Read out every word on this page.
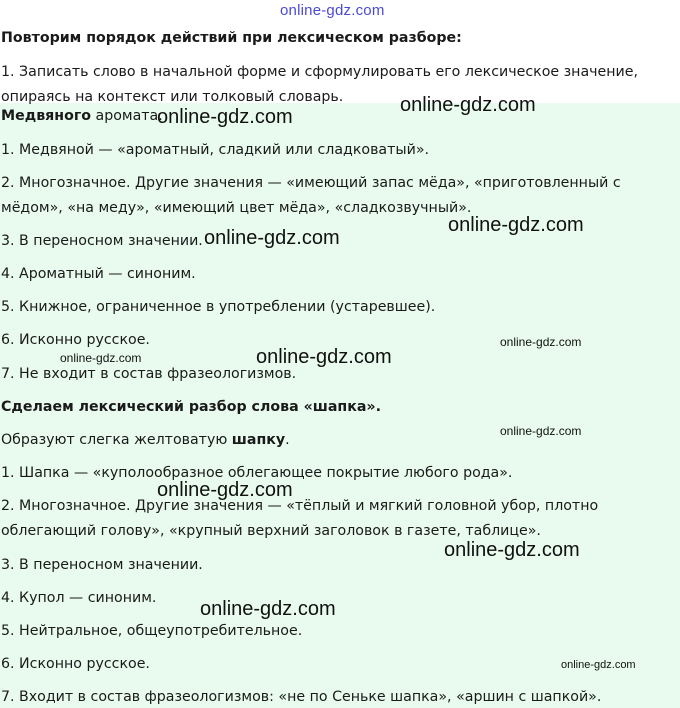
online-gdz.com

Повторим порядок действий при лексическом разборе:

1. Записать слово в начальной форме и сформулировать его лексическое значение,

опираясь на контекст или толковый словарь.

Медвяного аромата.

1. Медвяной — «ароматный, сладкий или сладковатый».

2. Многозначное. Другие значения — «имеющий запас мёда», «приготовленный с

мёдом», «на меду», «имеющий цвет мёда», «сладкозвучный».

3. В переносном значении.

4. Ароматный — синоним.

5. Книжное, ограниченное в употреблении (устаревшее).

6. Исконно русское.

7. Не входит в состав фразеологизмов.

Сделаем лексический разбор слова «шапка».

Образуют слегка желтоватую шапку.

1. Шапка — «куполообразное облегающее покрытие любого рода».

2. Многозначное. Другие значения — «тёплый и мягкий головной убор, плотно

облегающий голову», «крупный верхний заголовок в газете, таблице».

3. В переносном значении.

4. Купол — синоним.

5. Нейтральное, общеупотребительное.

6. Исконно русское.

7. Входит в состав фразеологизмов: «не по Сеньке шапка», «аршин с шапкой».

online-gdz.com
online-gdz.com
online-gdz.com
online-gdz.com
online-gdz.com
online-gdz.com	online-gdz.com
online-gdz.com
online-gdz.com
online-gdz.com
online-gdz.com
online-gdz.com
